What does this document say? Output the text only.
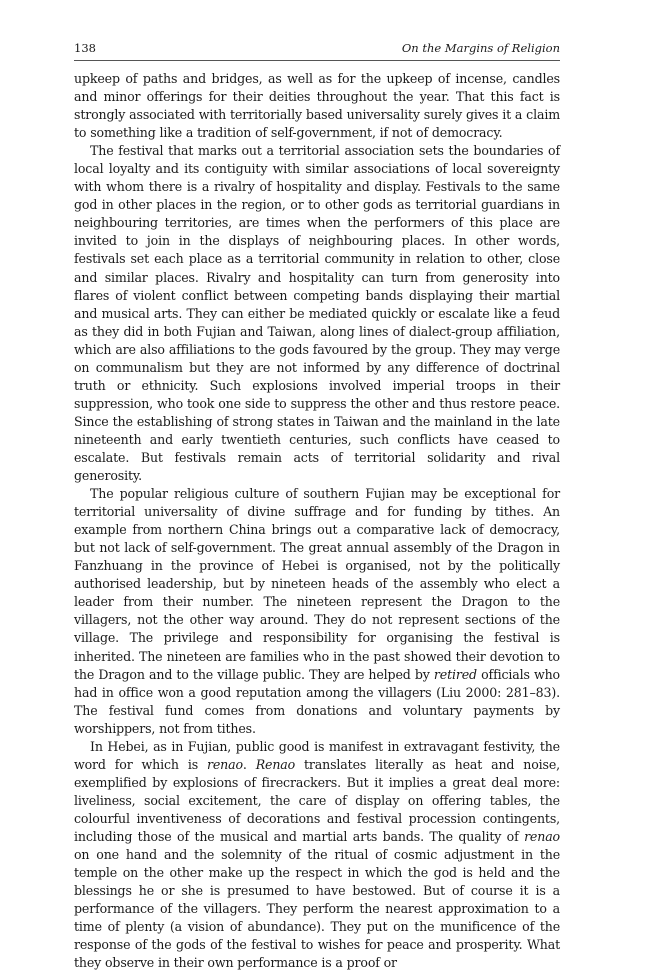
138	On the Margins of Religion

upkeep of paths and bridges, as well as for the upkeep of incense, candles and minor offerings for their deities throughout the year. That this fact is strongly associated with territorially based universality surely gives it a claim to something like a tradition of self-government, if not of democracy.

The festival that marks out a territorial association sets the boundaries of local loyalty and its contiguity with similar associations of local sovereignty with whom there is a rivalry of hospitality and display. Festivals to the same god in other places in the region, or to other gods as territorial guardians in neighbouring territories, are times when the performers of this place are invited to join in the displays of neighbouring places. In other words, festivals set each place as a territorial community in relation to other, close and similar places. Rivalry and hospitality can turn from generosity into flares of violent conflict between competing bands displaying their martial and musical arts. They can either be mediated quickly or escalate like a feud as they did in both Fujian and Taiwan, along lines of dialect-group affiliation, which are also affiliations to the gods favoured by the group. They may verge on communalism but they are not informed by any difference of doctrinal truth or ethnicity. Such explosions involved imperial troops in their suppression, who took one side to suppress the other and thus restore peace. Since the establishing of strong states in Taiwan and the mainland in the late nineteenth and early twentieth centuries, such conflicts have ceased to escalate. But festivals remain acts of territorial solidarity and rival generosity.

The popular religious culture of southern Fujian may be exceptional for territorial universality of divine suffrage and for funding by tithes. An example from northern China brings out a comparative lack of democracy, but not lack of self-government. The great annual assembly of the Dragon in Fanzhuang in the province of Hebei is organised, not by the politically authorised leadership, but by nineteen heads of the assembly who elect a leader from their number. The nineteen represent the Dragon to the villagers, not the other way around. They do not represent sections of the village. The privilege and responsibility for organising the festival is inherited. The nineteen are families who in the past showed their devotion to the Dragon and to the village public. They are helped by retired officials who had in office won a good reputation among the villagers (Liu 2000: 281–83). The festival fund comes from donations and voluntary payments by worshippers, not from tithes.

In Hebei, as in Fujian, public good is manifest in extravagant festivity, the word for which is renao. Renao translates literally as heat and noise, exemplified by explosions of firecrackers. But it implies a great deal more: liveliness, social excitement, the care of display on offering tables, the colourful inventiveness of decorations and festival procession contingents, including those of the musical and martial arts bands. The quality of renao on one hand and the solemnity of the ritual of cosmic adjustment in the temple on the other make up the respect in which the god is held and the blessings he or she is presumed to have bestowed. But of course it is a performance of the villagers. They perform the nearest approximation to a time of plenty (a vision of abundance). They put on the munificence of the response of the gods of the festival to wishes for peace and prosperity. What they observe in their own performance is a proof or
